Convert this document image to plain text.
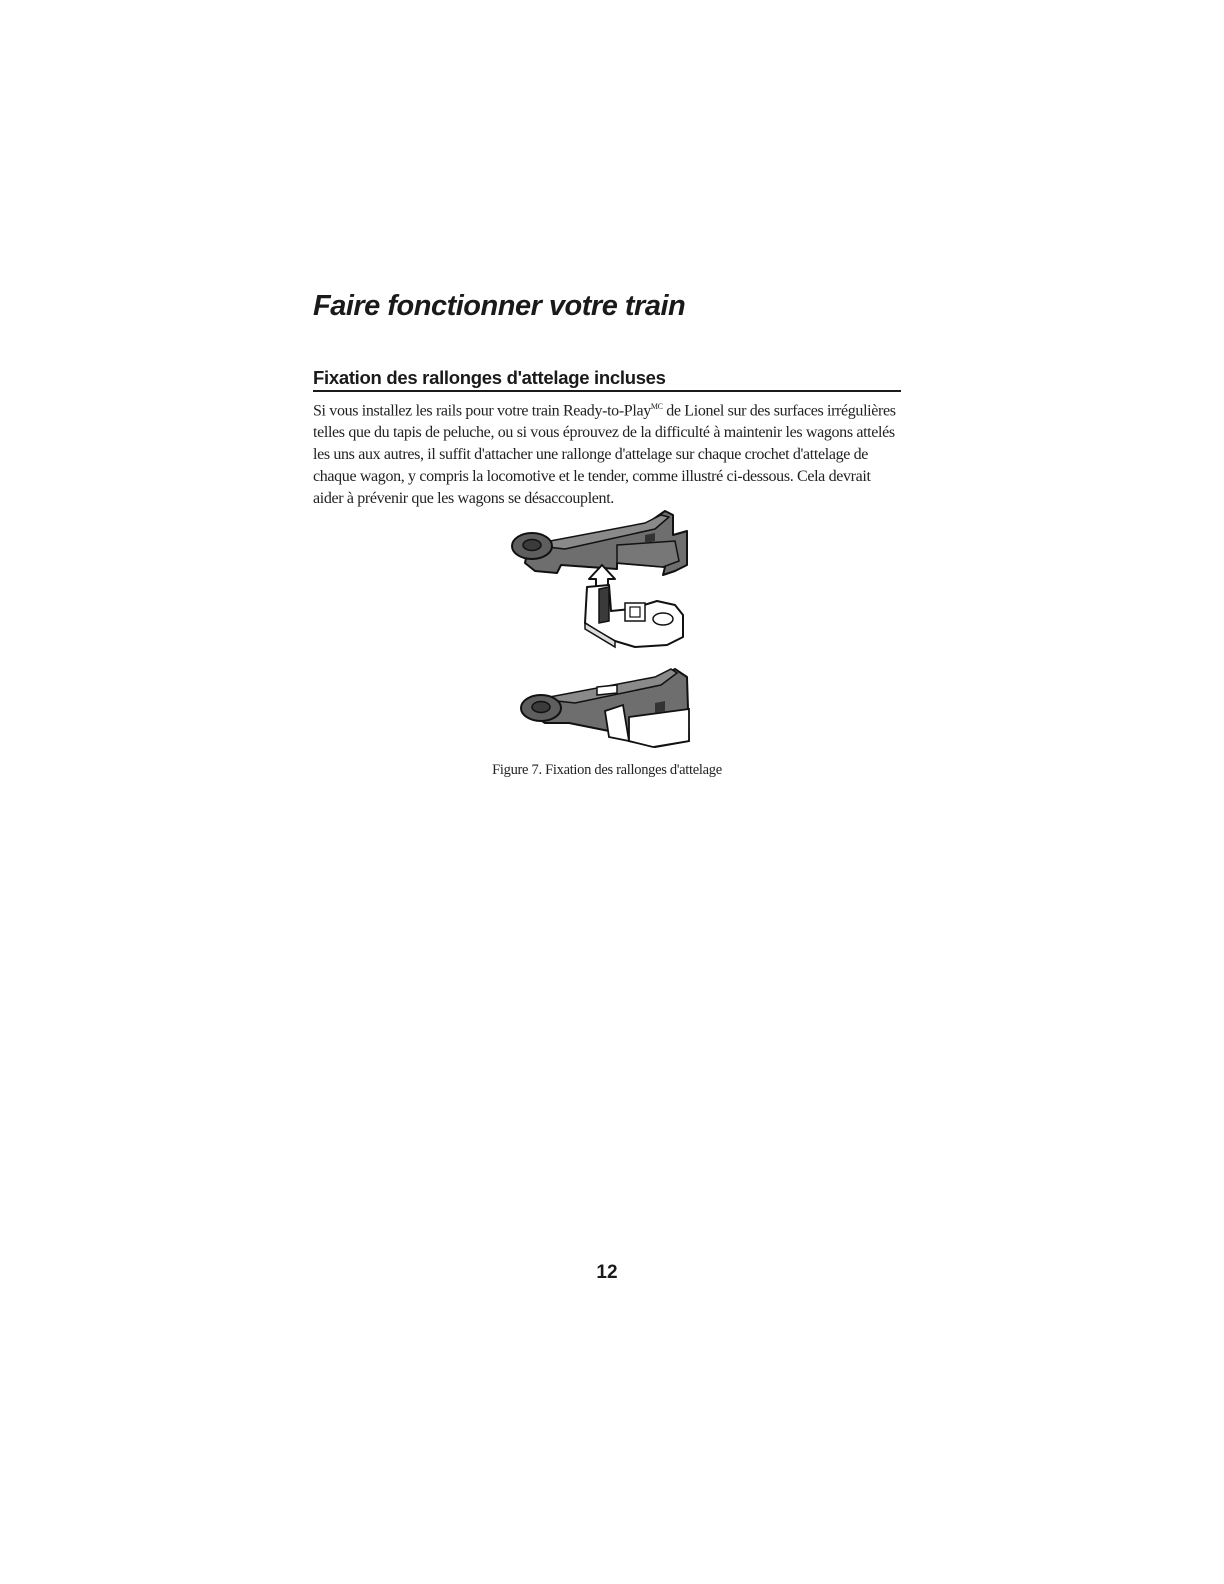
Faire fonctionner votre train
Fixation des rallonges d'attelage incluses

Si vous installez les rails pour votre train Ready-to-Play$^{MC}$ de Lionel sur des surfaces irrégulières telles que du tapis de peluche, ou si vous éprouvez de la difficulté à maintenir les wagons attelés les uns aux autres, il suffit d'attacher une rallonge d'attelage sur chaque crochet d'attelage de chaque wagon, y compris la locomotive et le tender, comme illustré ci-dessous. Cela devrait aider à prévenir que les wagons se désaccouplent.

Figure 7. Fixation des rallonges d'attelage

12
